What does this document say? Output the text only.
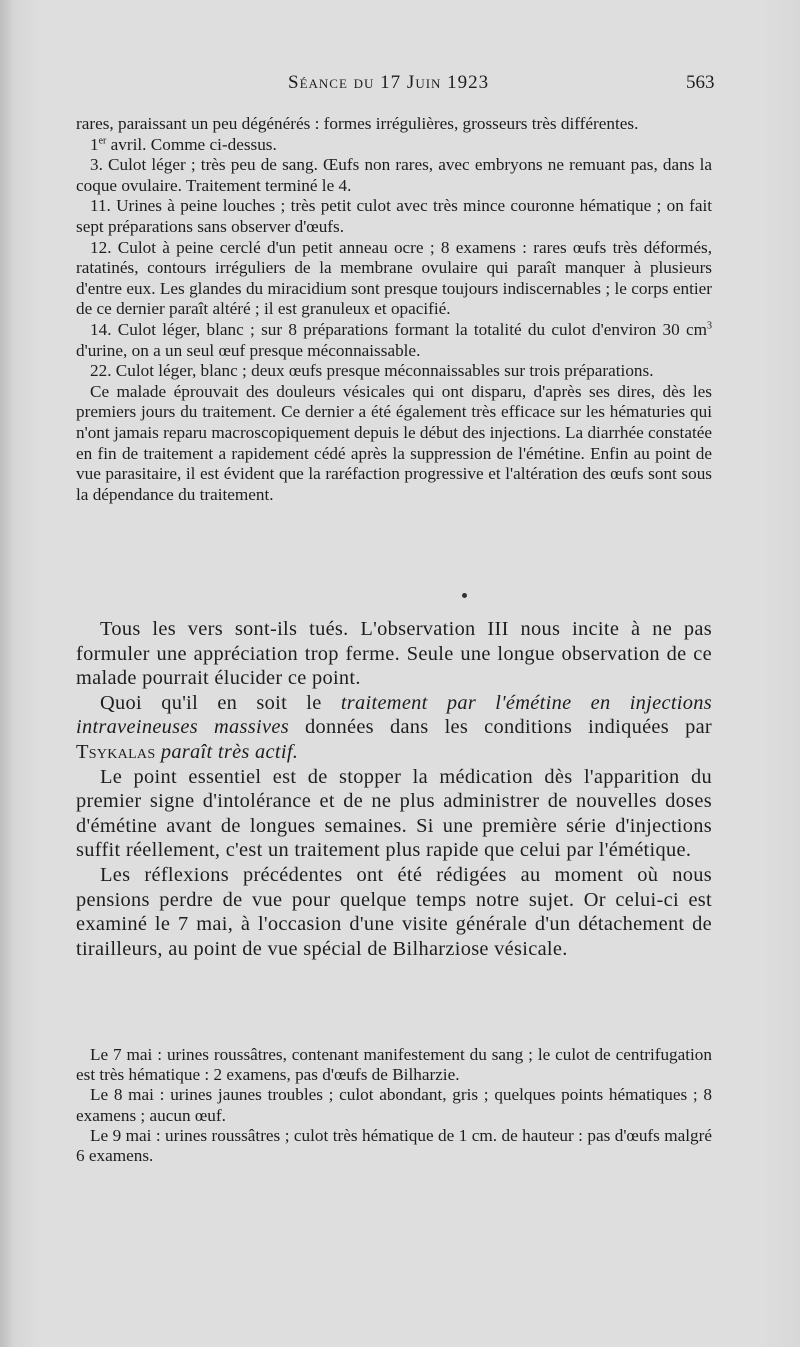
Séance du 17 Juin 1923	563

rares, paraissant un peu dégénérés : formes irrégulières, grosseurs très différentes.

1er avril. Comme ci-dessus.

3. Culot léger ; très peu de sang. Œufs non rares, avec embryons ne remuant pas, dans la coque ovulaire. Traitement terminé le 4.

11. Urines à peine louches ; très petit culot avec très mince couronne hématique ; on fait sept préparations sans observer d'œufs.

12. Culot à peine cerclé d'un petit anneau ocre ; 8 examens : rares œufs très déformés, ratatinés, contours irréguliers de la membrane ovulaire qui paraît manquer à plusieurs d'entre eux. Les glandes du miracidium sont presque toujours indiscernables ; le corps entier de ce dernier paraît altéré ; il est granuleux et opacifié.

14. Culot léger, blanc ; sur 8 préparations formant la totalité du culot d'environ 30 $cm^3$ d'urine, on a un seul œuf presque méconnaissable.

22. Culot léger, blanc ; deux œufs presque méconnaissables sur trois préparations.

Ce malade éprouvait des douleurs vésicales qui ont disparu, d'après ses dires, dès les premiers jours du traitement. Ce dernier a été également très efficace sur les hématuries qui n'ont jamais reparu macroscopiquement depuis le début des injections. La diarrhée constatée en fin de traitement a rapidement cédé après la suppression de l'émétine. Enfin au point de vue parasitaire, il est évident que la raréfaction progressive et l'altération des œufs sont sous la dépendance du traitement.

Tous les vers sont-ils tués. L'observation III nous incite à ne pas formuler une appréciation trop ferme. Seule une longue observation de ce malade pourrait élucider ce point.

Quoi qu'il en soit le traitement par l'émétine en injections intraveineuses massives données dans les conditions indiquées par Tsykalas paraît très actif.

Le point essentiel est de stopper la médication dès l'apparition du premier signe d'intolérance et de ne plus administrer de nouvelles doses d'émétine avant de longues semaines. Si une première série d'injections suffit réellement, c'est un traitement plus rapide que celui par l'émétique.

Les réflexions précédentes ont été rédigées au moment où nous pensions perdre de vue pour quelque temps notre sujet. Or celui-ci est examiné le 7 mai, à l'occasion d'une visite générale d'un détachement de tirailleurs, au point de vue spécial de Bilharziose vésicale.

Le 7 mai : urines roussâtres, contenant manifestement du sang ; le culot de centrifugation est très hématique : 2 examens, pas d'œufs de Bilharzie.

Le 8 mai : urines jaunes troubles ; culot abondant, gris ; quelques points hématiques ; 8 examens ; aucun œuf.

Le 9 mai : urines roussâtres ; culot très hématique de 1 cm. de hauteur : pas d'œufs malgré 6 examens.
